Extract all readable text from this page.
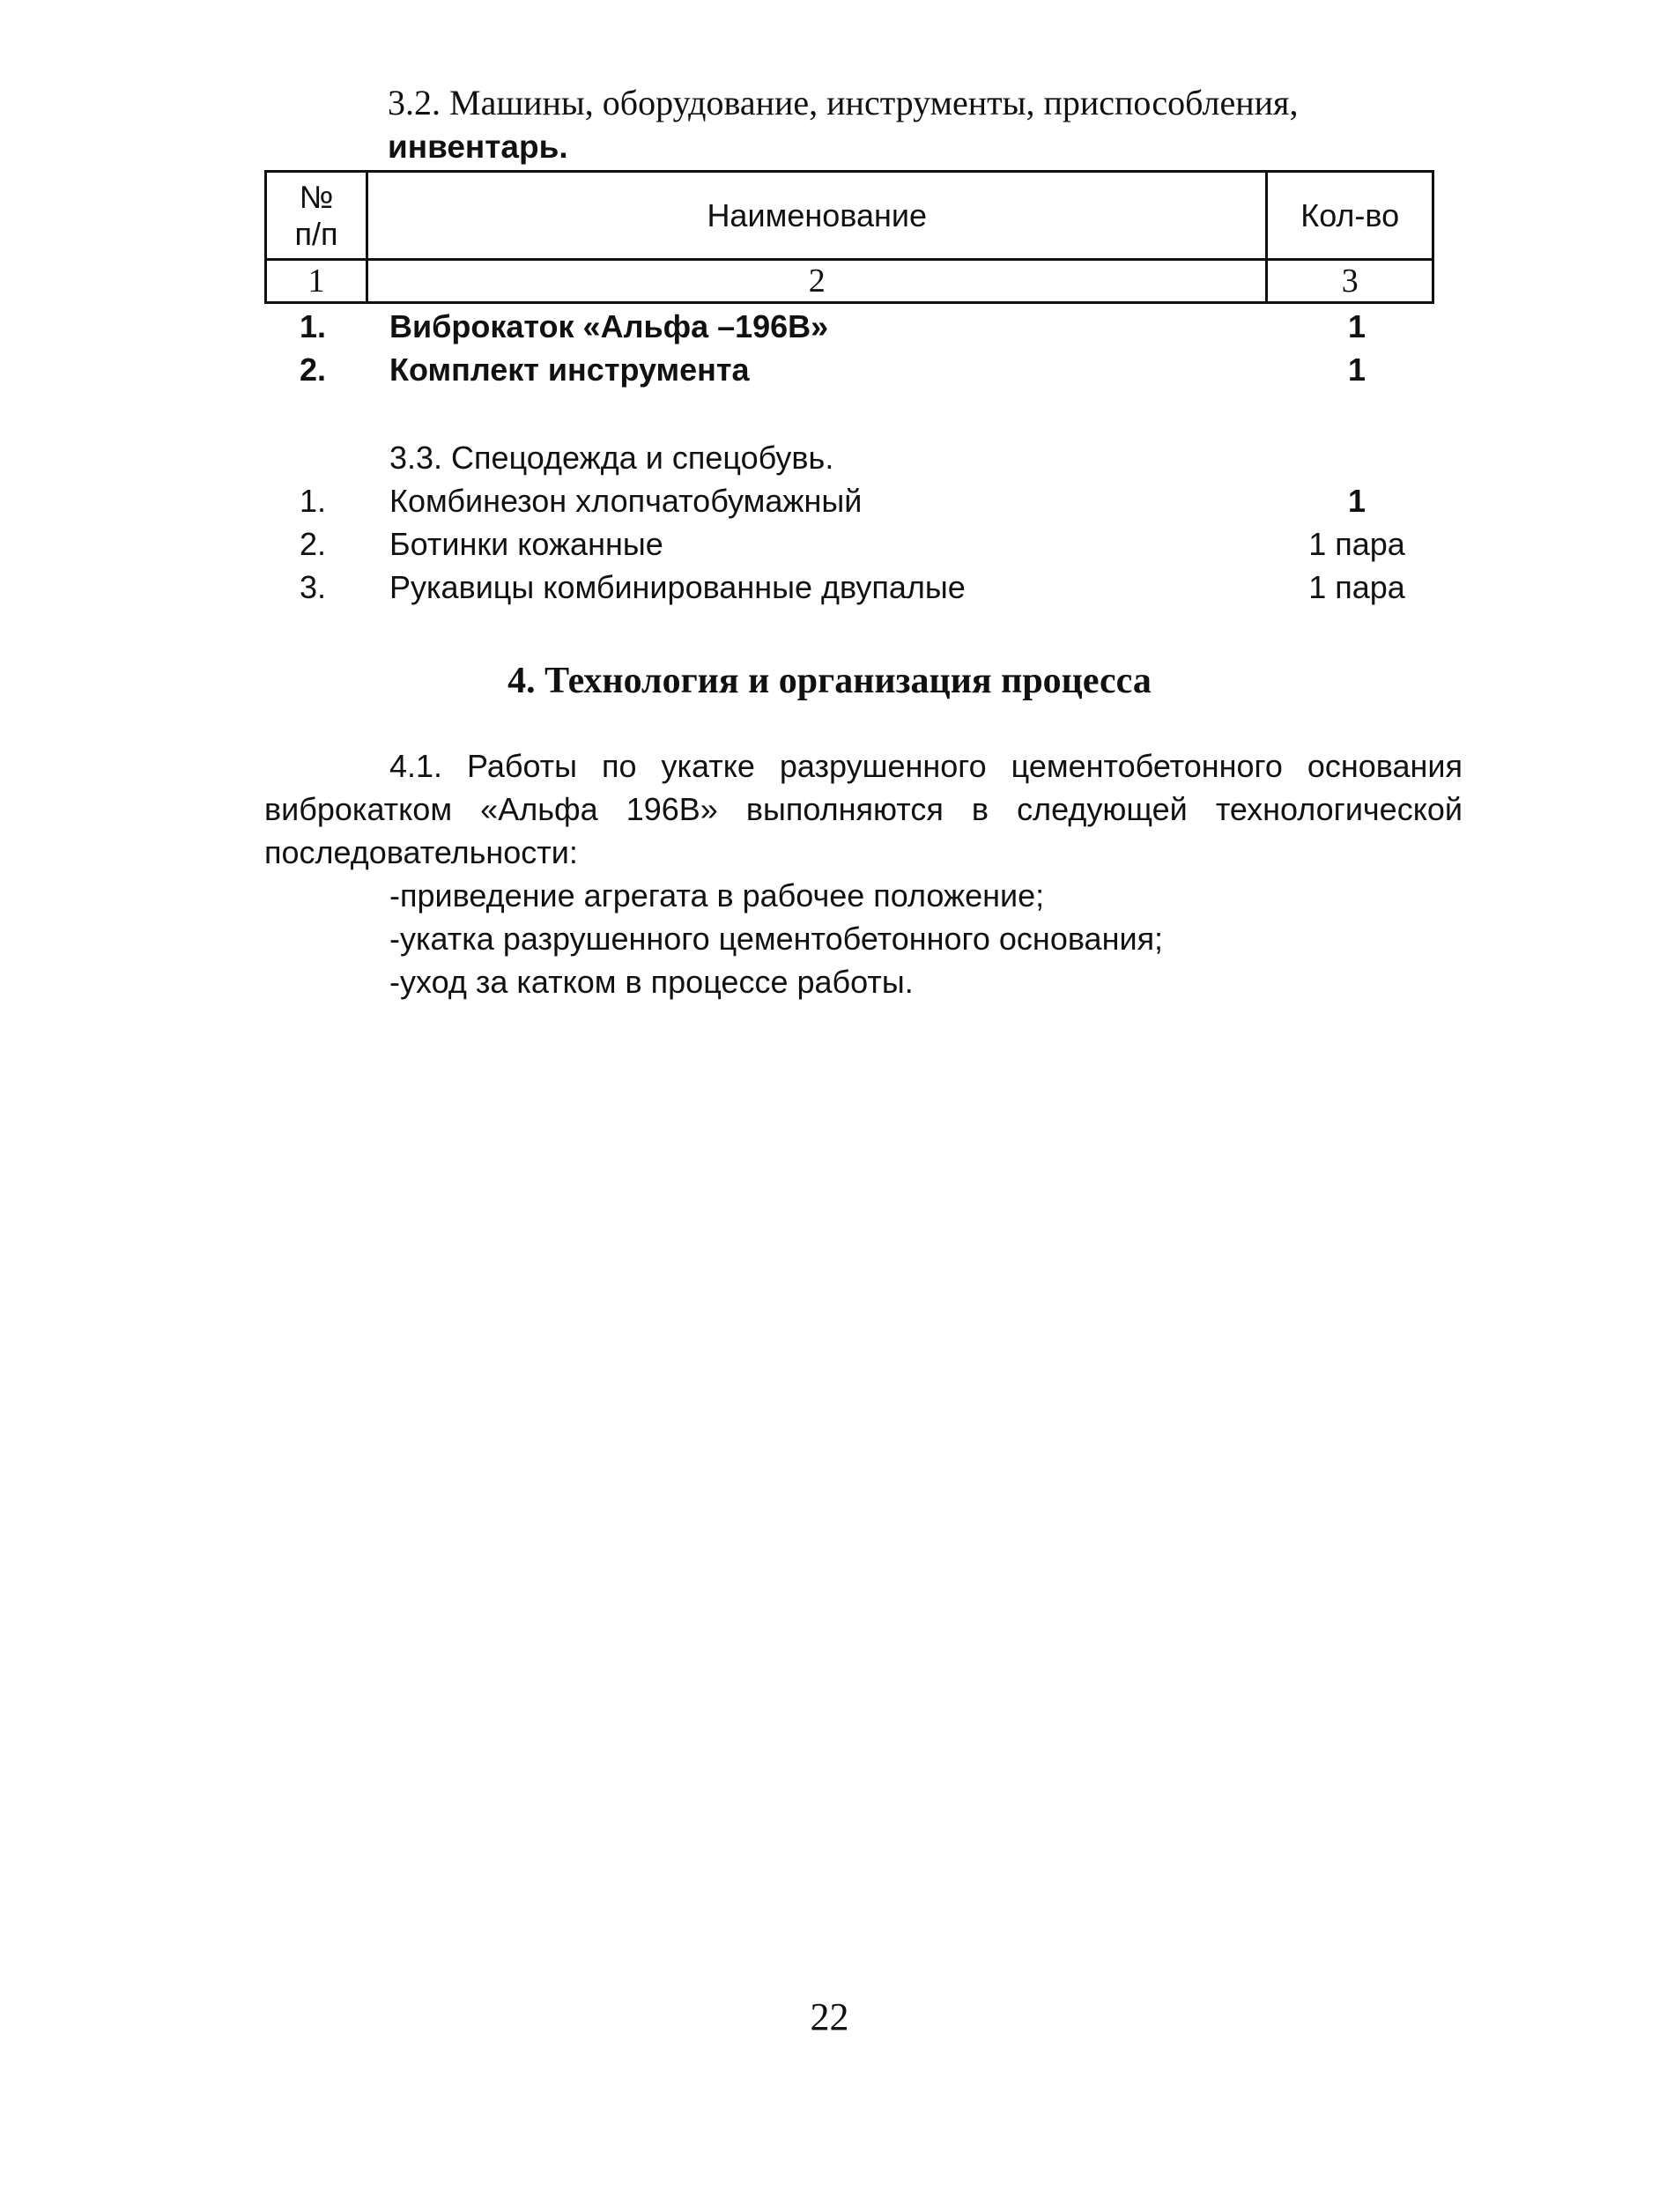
3.2. Машины, оборудование, инструменты, приспособления,
инвентарь.
№
п/п	Наименование	Кол-во
1	2	3
1.	Виброкаток «Альфа –196В»	1
2.	Комплект инструмента	1
3.3. Спецодежда и спецобувь.
1.	Комбинезон хлопчатобумажный	1
2.	Ботинки кожанные	1 пара
3.	Рукавицы комбинированные двупалые	1 пара
4. Технология и организация процесса
4.1. Работы по укатке разрушенного цементобетонного основания виброкатком «Альфа 196В» выполняются в следующей технологической последовательности:
-приведение агрегата в рабочее положение;
-укатка разрушенного цементобетонного основания;
-уход за катком в процессе работы.
22
